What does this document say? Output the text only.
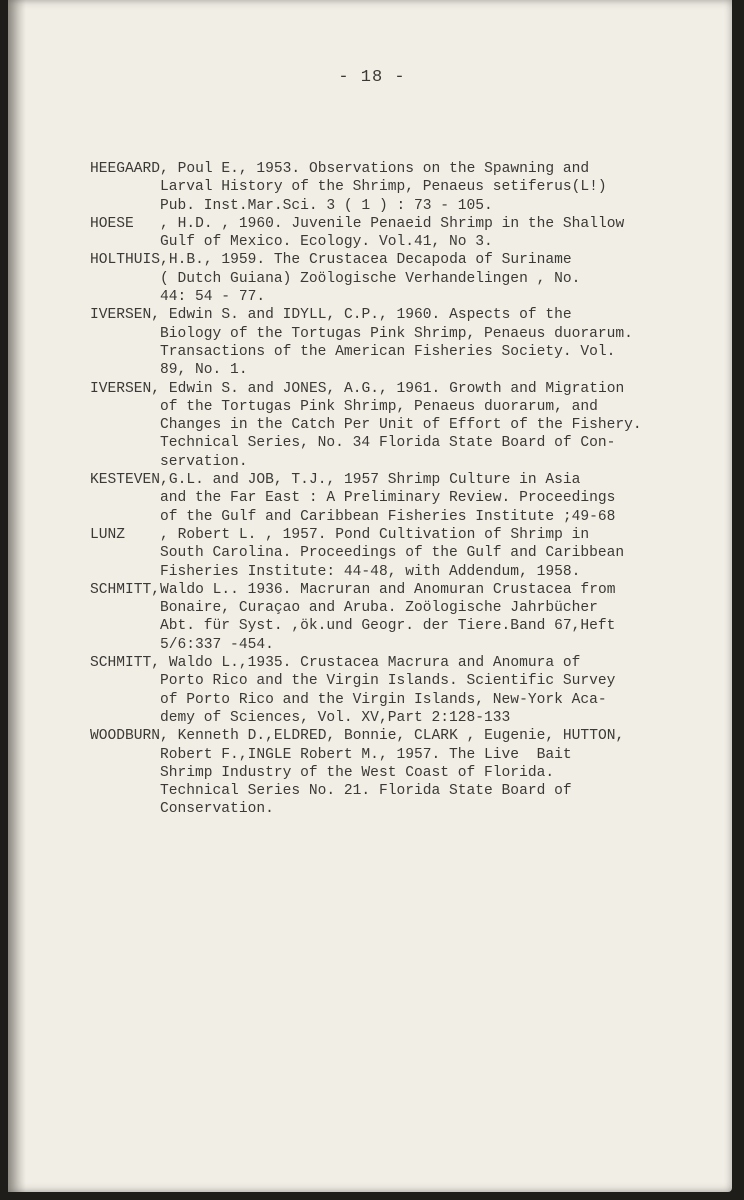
- 18 -
HEEGAARD, Poul E., 1953. Observations on the Spawning and
Larval History of the Shrimp, Penaeus setiferus(L!)
Pub. Inst.Mar.Sci. 3 ( 1 ) : 73 - 105.
HOESE   , H.D. , 1960. Juvenile Penaeid Shrimp in the Shallow
Gulf of Mexico. Ecology. Vol.41, No 3.
HOLTHUIS,H.B., 1959. The Crustacea Decapoda of Suriname
( Dutch Guiana) Zoölogische Verhandelingen , No.
44: 54 - 77.
IVERSEN, Edwin S. and IDYLL, C.P., 1960. Aspects of the
Biology of the Tortugas Pink Shrimp, Penaeus duorarum.
Transactions of the American Fisheries Society. Vol.
89, No. 1.
IVERSEN, Edwin S. and JONES, A.G., 1961. Growth and Migration
of the Tortugas Pink Shrimp, Penaeus duorarum, and
Changes in the Catch Per Unit of Effort of the Fishery.
Technical Series, No. 34 Florida State Board of Con-
servation.
KESTEVEN,G.L. and JOB, T.J., 1957 Shrimp Culture in Asia
and the Far East : A Preliminary Review. Proceedings
of the Gulf and Caribbean Fisheries Institute ;49-68
LUNZ    , Robert L. , 1957. Pond Cultivation of Shrimp in
South Carolina. Proceedings of the Gulf and Caribbean
Fisheries Institute: 44-48, with Addendum, 1958.
SCHMITT,Waldo L.. 1936. Macruran and Anomuran Crustacea from
Bonaire, Curaçao and Aruba. Zoölogische Jahrbücher
Abt. für Syst. ,ök.und Geogr. der Tiere.Band 67,Heft
5/6:337 -454.
SCHMITT, Waldo L.,1935. Crustacea Macrura and Anomura of
Porto Rico and the Virgin Islands. Scientific Survey
of Porto Rico and the Virgin Islands, New-York Aca-
demy of Sciences, Vol. XV,Part 2:128-133
WOODBURN, Kenneth D.,ELDRED, Bonnie, CLARK , Eugenie, HUTTON,
Robert F.,INGLE Robert M., 1957. The Live  Bait
Shrimp Industry of the West Coast of Florida.
Technical Series No. 21. Florida State Board of
Conservation.
